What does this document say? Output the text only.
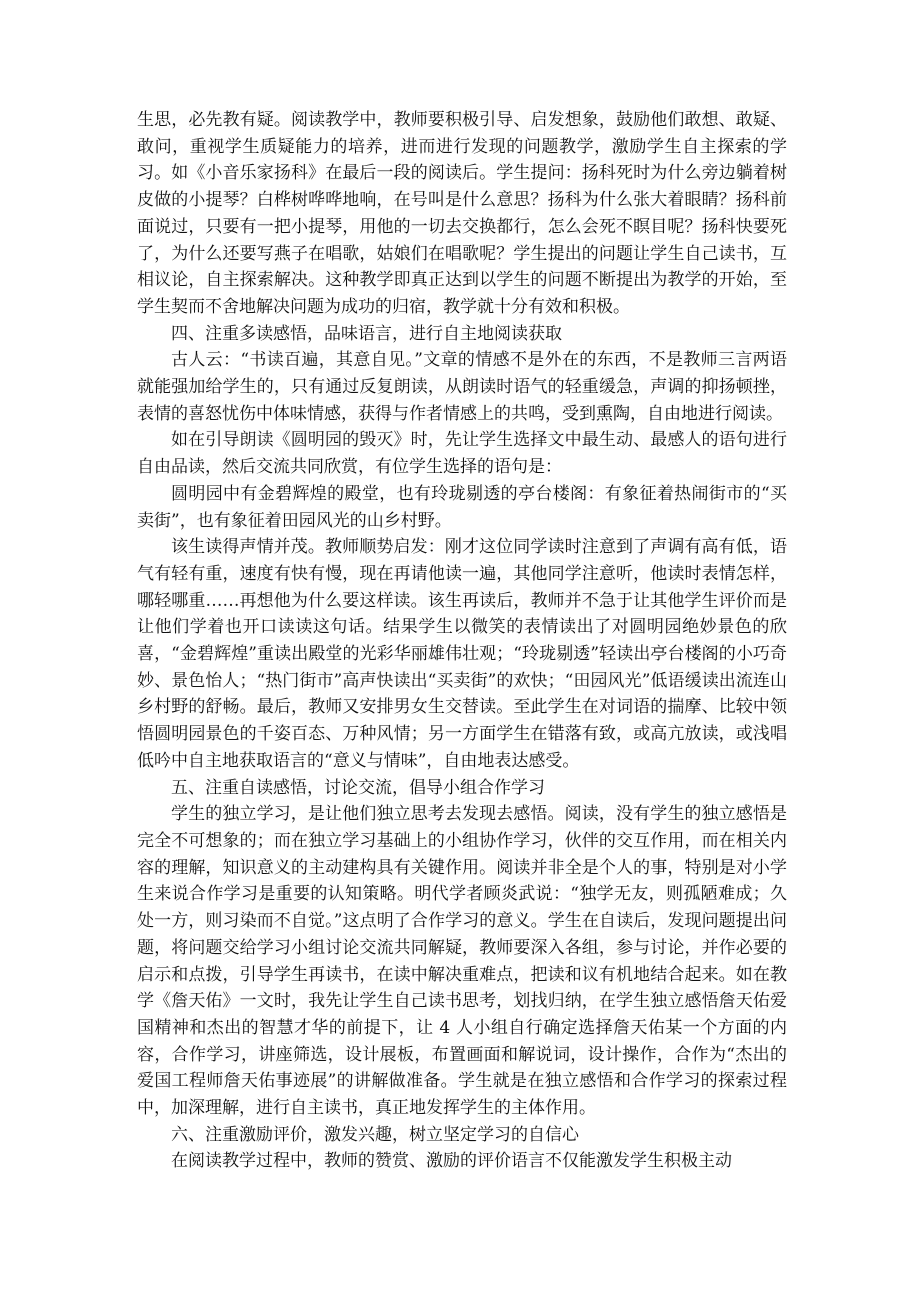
生思，必先教有疑。阅读教学中，教师要积极引导、启发想象，鼓励他们敢想、敢疑、敢问，重视学生质疑能力的培养，进而进行发现的问题教学，激励学生自主探索的学习。如《小音乐家扬科》在最后一段的阅读后。学生提问：扬科死时为什么旁边躺着树皮做的小提琴？白桦树哗哗地响，在号叫是什么意思？扬科为什么张大着眼睛？扬科前面说过，只要有一把小提琴，用他的一切去交换都行，怎么会死不瞑目呢？扬科快要死了，为什么还要写燕子在唱歌，姑娘们在唱歌呢？学生提出的问题让学生自己读书，互相议论，自主探索解决。这种教学即真正达到以学生的问题不断提出为教学的开始，至学生契而不舍地解决问题为成功的归宿，教学就十分有效和积极。

四、注重多读感悟，品味语言，进行自主地阅读获取

古人云：“书读百遍，其意自见。”文章的情感不是外在的东西，不是教师三言两语就能强加给学生的，只有通过反复朗读，从朗读时语气的轻重缓急，声调的抑扬顿挫，表情的喜怒忧伤中体味情感，获得与作者情感上的共鸣，受到熏陶，自由地进行阅读。

如在引导朗读《圆明园的毁灭》时，先让学生选择文中最生动、最感人的语句进行自由品读，然后交流共同欣赏，有位学生选择的语句是：

圆明园中有金碧辉煌的殿堂，也有玲珑剔透的亭台楼阁：有象征着热闹街市的“买卖街”，也有象征着田园风光的山乡村野。

该生读得声情并茂。教师顺势启发：刚才这位同学读时注意到了声调有高有低，语气有轻有重，速度有快有慢，现在再请他读一遍，其他同学注意听，他读时表情怎样，哪轻哪重……再想他为什么要这样读。该生再读后，教师并不急于让其他学生评价而是让他们学着也开口读读这句话。结果学生以微笑的表情读出了对圆明园绝妙景色的欣喜，“金碧辉煌”重读出殿堂的光彩华丽雄伟壮观；“玲珑剔透”轻读出亭台楼阁的小巧奇妙、景色怡人；“热门街市”高声快读出“买卖街”的欢快；“田园风光”低语缓读出流连山乡村野的舒畅。最后，教师又安排男女生交替读。至此学生在对词语的揣摩、比较中领悟圆明园景色的千姿百态、万种风情；另一方面学生在错落有致，或高亢放读，或浅唱低吟中自主地获取语言的“意义与情味”，自由地表达感受。

五、注重自读感悟，讨论交流，倡导小组合作学习

学生的独立学习，是让他们独立思考去发现去感悟。阅读，没有学生的独立感悟是完全不可想象的；而在独立学习基础上的小组协作学习，伙伴的交互作用，而在相关内容的理解，知识意义的主动建构具有关键作用。阅读并非全是个人的事，特别是对小学生来说合作学习是重要的认知策略。明代学者顾炎武说：“独学无友，则孤陋难成；久处一方，则习染而不自觉。”这点明了合作学习的意义。学生在自读后，发现问题提出问题，将问题交给学习小组讨论交流共同解疑，教师要深入各组，参与讨论，并作必要的启示和点拨，引导学生再读书，在读中解决重难点，把读和议有机地结合起来。如在教学《詹天佑》一文时，我先让学生自己读书思考，划找归纳，在学生独立感悟詹天佑爱国精神和杰出的智慧才华的前提下，让 4 人小组自行确定选择詹天佑某一个方面的内容，合作学习，讲座筛选，设计展板，布置画面和解说词，设计操作，合作为“杰出的爱国工程师詹天佑事迹展”的讲解做准备。学生就是在独立感悟和合作学习的探索过程中，加深理解，进行自主读书，真正地发挥学生的主体作用。

六、注重激励评价，激发兴趣，树立坚定学习的自信心

在阅读教学过程中，教师的赞赏、激励的评价语言不仅能激发学生积极主动
